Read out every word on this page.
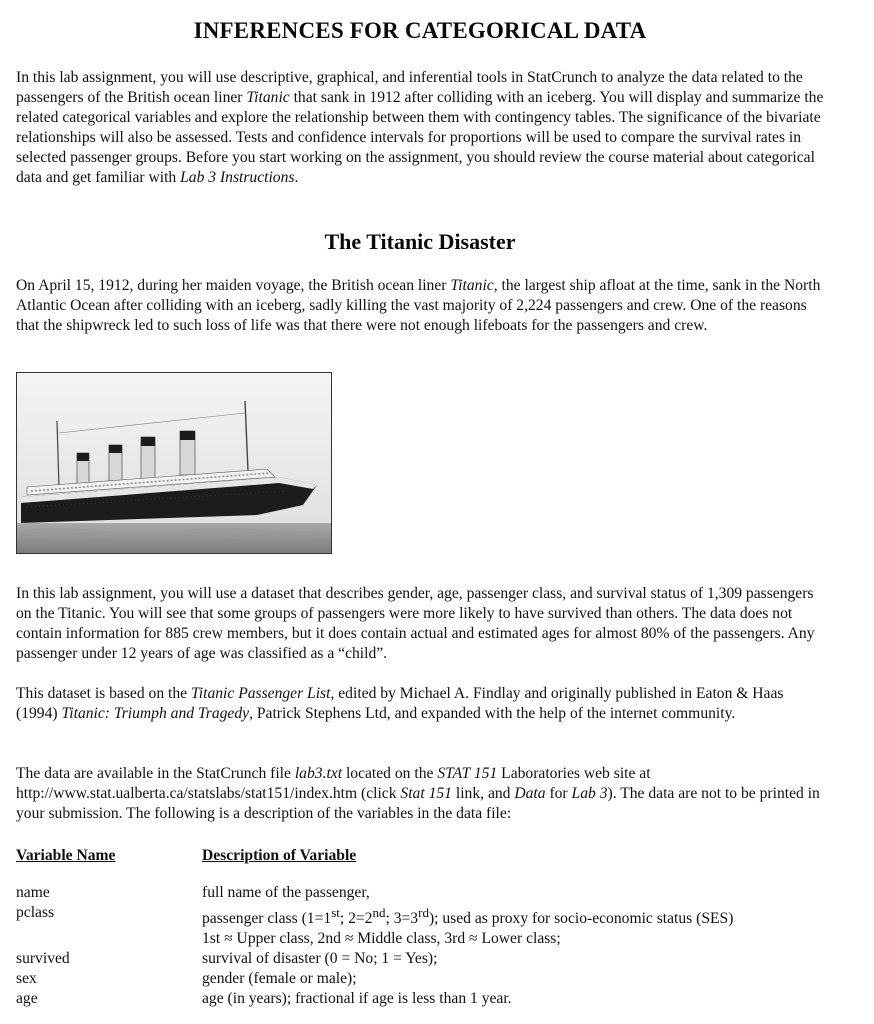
INFERENCES FOR CATEGORICAL DATA

In this lab assignment, you will use descriptive, graphical, and inferential tools in StatCrunch to analyze the data related to the passengers of the British ocean liner Titanic that sank in 1912 after colliding with an iceberg. You will display and summarize the related categorical variables and explore the relationship between them with contingency tables. The significance of the bivariate relationships will also be assessed. Tests and confidence intervals for proportions will be used to compare the survival rates in selected passenger groups. Before you start working on the assignment, you should review the course material about categorical data and get familiar with Lab 3 Instructions.

The Titanic Disaster

On April 15, 1912, during her maiden voyage, the British ocean liner Titanic, the largest ship afloat at the time, sank in the North Atlantic Ocean after colliding with an iceberg, sadly killing the vast majority of 2,224 passengers and crew. One of the reasons that the shipwreck led to such loss of life was that there were not enough lifeboats for the passengers and crew.

In this lab assignment, you will use a dataset that describes gender, age, passenger class, and survival status of 1,309 passengers on the Titanic. You will see that some groups of passengers were more likely to have survived than others. The data does not contain information for 885 crew members, but it does contain actual and estimated ages for almost 80% of the passengers. Any passenger under 12 years of age was classified as a “child”.

This dataset is based on the Titanic Passenger List, edited by Michael A. Findlay and originally published in Eaton & Haas (1994) Titanic: Triumph and Tragedy, Patrick Stephens Ltd, and expanded with the help of the internet community.

The data are available in the StatCrunch file lab3.txt located on the STAT 151 Laboratories web site at http://www.stat.ualberta.ca/statslabs/stat151/index.htm (click Stat 151 link, and Data for Lab 3). The data are not to be printed in your submission. The following is a description of the variables in the data file:

Variable Name	Description of Variable
name	full name of the passenger,
pclass	passenger class (1=1st; 2=2nd; 3=3rd); used as proxy for socio-economic status (SES)
1st ≈ Upper class, 2nd ≈ Middle class, 3rd ≈ Lower class;
survived	survival of disaster (0 = No; 1 = Yes);
sex	gender (female or male);
age	age (in years); fractional if age is less than 1 year.
